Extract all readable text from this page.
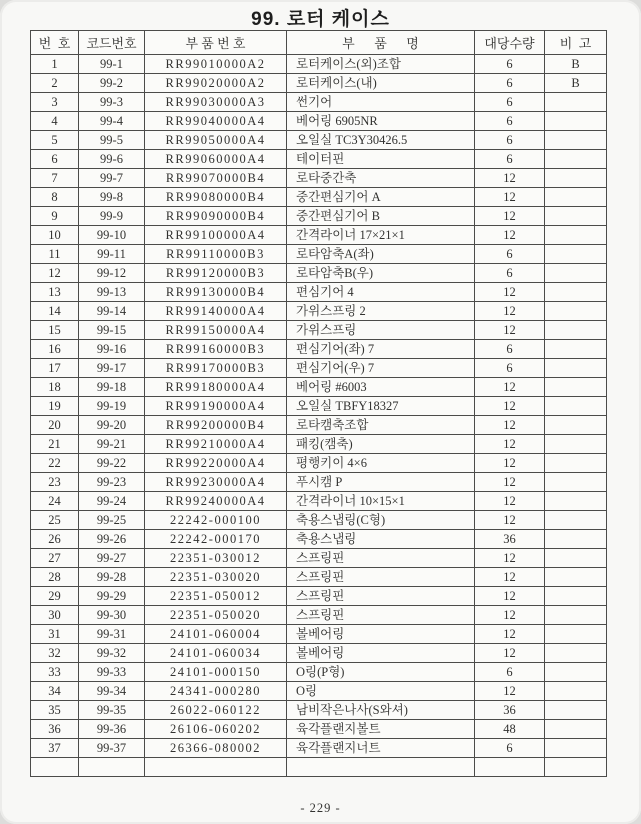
99. 로터 케이스
번  호	코드번호	부 품 번 호	부      품      명	대당수량	비  고
1	99-1	RR99010000A2	로터케이스(외)조합	6	B
2	99-2	RR99020000A2	로터케이스(내)	6	B
3	99-3	RR99030000A3	썬기어	6	
4	99-4	RR99040000A4	베어링 6905NR	6	
5	99-5	RR99050000A4	오일실 TC3Y30426.5	6	
6	99-6	RR99060000A4	테이터핀	6	
7	99-7	RR99070000B4	로타중간축	12	
8	99-8	RR99080000B4	중간편심기어 A	12	
9	99-9	RR99090000B4	중간편심기어 B	12	
10	99-10	RR99100000A4	간격라이너 17×21×1	12	
11	99-11	RR99110000B3	로타암축A(좌)	6	
12	99-12	RR99120000B3	로타암축B(우)	6	
13	99-13	RR99130000B4	편심기어 4	12	
14	99-14	RR99140000A4	가위스프링 2	12	
15	99-15	RR99150000A4	가위스프링	12	
16	99-16	RR99160000B3	편심기어(좌) 7	6	
17	99-17	RR99170000B3	편심기어(우) 7	6	
18	99-18	RR99180000A4	베어링 #6003	12	
19	99-19	RR99190000A4	오일실 TBFY18327	12	
20	99-20	RR99200000B4	로타캠축조합	12	
21	99-21	RR99210000A4	패킹(캠축)	12	
22	99-22	RR99220000A4	평행키이 4×6	12	
23	99-23	RR99230000A4	푸시캠 P	12	
24	99-24	RR99240000A4	간격라이너 10×15×1	12	
25	99-25	22242-000100	축용스냅링(C형)	12	
26	99-26	22242-000170	축용스냅링	36	
27	99-27	22351-030012	스프링핀	12	
28	99-28	22351-030020	스프링핀	12	
29	99-29	22351-050012	스프링핀	12	
30	99-30	22351-050020	스프링핀	12	
31	99-31	24101-060004	볼베어링	12	
32	99-32	24101-060034	볼베어링	12	
33	99-33	24101-000150	O링(P형)	6	
34	99-34	24341-000280	O링	12	
35	99-35	26022-060122	남비작은나사(S와셔)	36	
36	99-36	26106-060202	육각플랜지볼트	48	
37	99-37	26366-080002	육각플랜지너트	6	

- 229 -
